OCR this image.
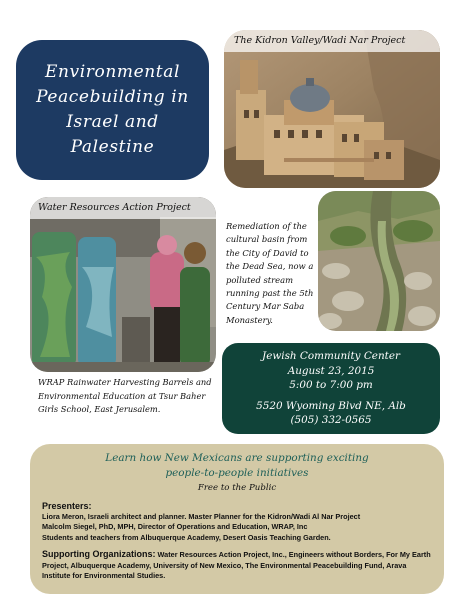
Environmental
Peacebuilding in
Israel and
Palestine
The Kidron Valley/Wadi Nar Project
Water Resources Action Project
Remediation of the cultural basin from the City of David to the Dead Sea, now a polluted stream running past the 5th Century Mar Saba Monastery.
WRAP Rainwater Harvesting Barrels and Environmental Education at Tsur Baher Girls School, East Jerusalem.
Jewish Community Center
August 23, 2015
5:00 to 7:00 pm
5520 Wyoming Blvd NE, Alb
(505) 332-0565
Learn how New Mexicans are supporting exciting
people-to-people initiatives
Free to the Public
Presenters:
Liora Meron, Israeli architect and planner. Master Planner for the Kidron/Wadi Al Nar Project
Malcolm Siegel, PhD, MPH, Director of Operations and Education, WRAP, Inc
Students and teachers from Albuquerque Academy, Desert Oasis Teaching Garden.
Supporting Organizations: Water Resources Action Project, Inc., Engineers without Borders, For My Earth Project, Albuquerque Academy, University of New Mexico, The Environmental Peacebuilding Fund, Arava Institute for Environmental Studies.
